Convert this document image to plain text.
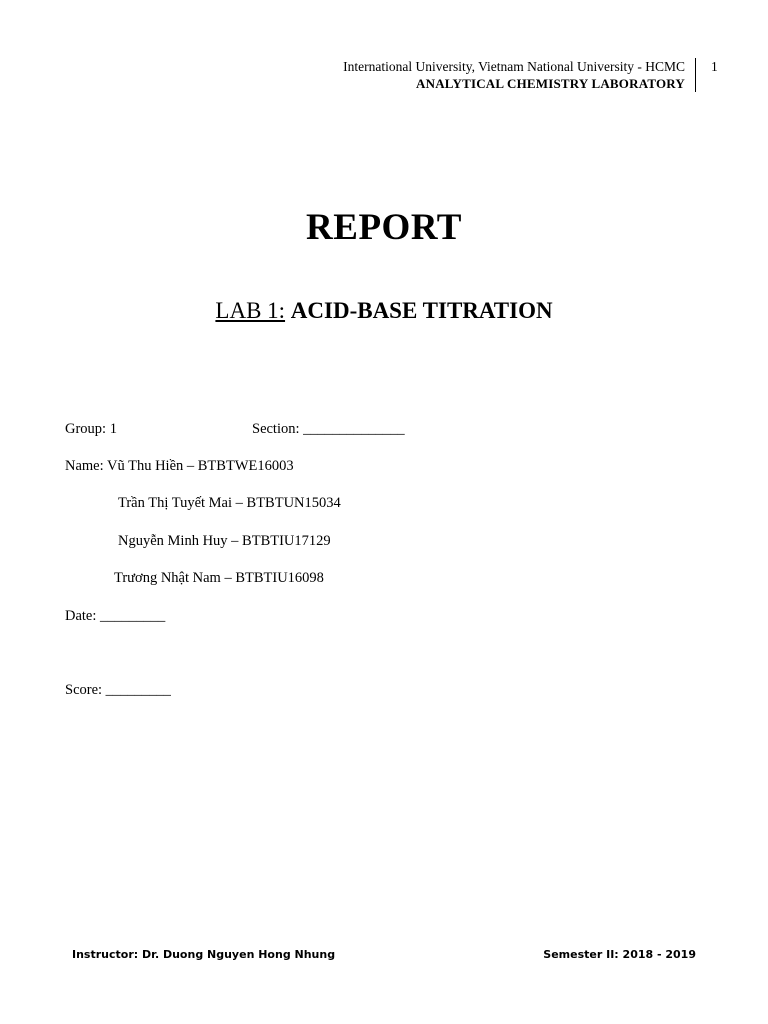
International University, Vietnam National University - HCMC
ANALYTICAL CHEMISTRY LABORATORY
1
REPORT
LAB 1: ACID-BASE TITRATION
Group: 1	Section: ______________
Name: Vũ Thu Hiền – BTBTWE16003
Trần Thị Tuyết Mai – BTBTUN15034
Nguyễn Minh Huy – BTBTIU17129
Trương Nhật Nam – BTBTIU16098
Date: _________
Score: _________
Instructor: Dr. Duong Nguyen Hong Nhung	Semester II: 2018 - 2019
